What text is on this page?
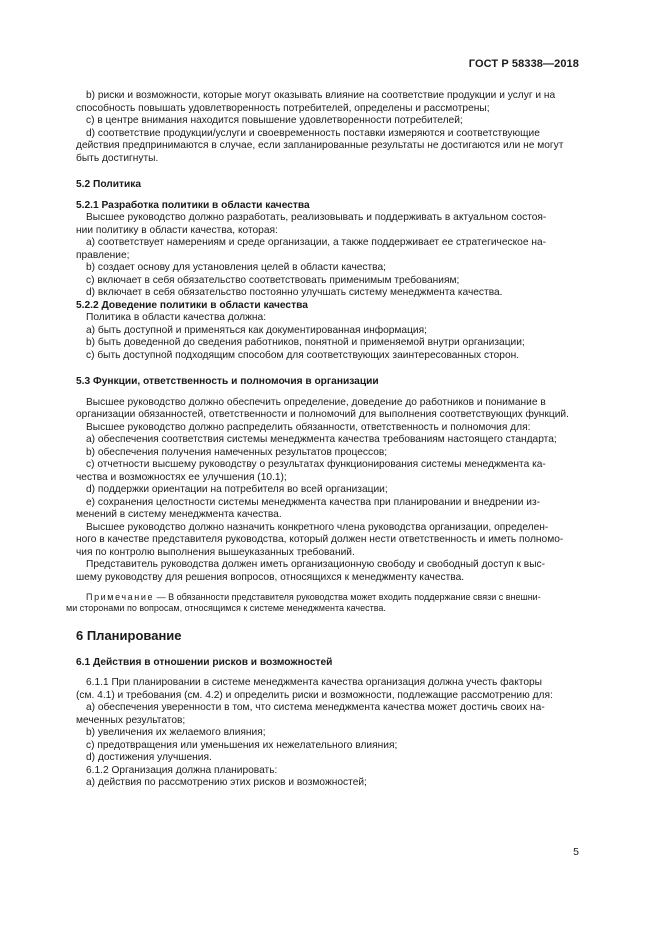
ГОСТ Р 58338—2018
b) риски и возможности, которые могут оказывать влияние на соответствие продукции и услуг и на
способность повышать удовлетворенность потребителей, определены и рассмотрены;
c) в центре внимания находится повышение удовлетворенности потребителей;
d) соответствие продукции/услуги и своевременность поставки измеряются и соответствующие
действия предпринимаются в случае, если запланированные результаты не достигаются или не могут
быть достигнуты.
5.2 Политика
5.2.1 Разработка политики в области качества
Высшее руководство должно разработать, реализовывать и поддерживать в актуальном состоя-
нии политику в области качества, которая:
a) соответствует намерениям и среде организации, а также поддерживает ее стратегическое на-
правление;
b) создает основу для установления целей в области качества;
c) включает в себя обязательство соответствовать применимым требованиям;
d) включает в себя обязательство постоянно улучшать систему менеджмента качества.
5.2.2 Доведение политики в области качества
Политика в области качества должна:
a) быть доступной и применяться как документированная информация;
b) быть доведенной до сведения работников, понятной и применяемой внутри организации;
c) быть доступной подходящим способом для соответствующих заинтересованных сторон.
5.3 Функции, ответственность и полномочия в организации
Высшее руководство должно обеспечить определение, доведение до работников и понимание в
организации обязанностей, ответственности и полномочий для выполнения соответствующих функций.
Высшее руководство должно распределить обязанности, ответственность и полномочия для:
a) обеспечения соответствия системы менеджмента качества требованиям настоящего стандарта;
b) обеспечения получения намеченных результатов процессов;
c) отчетности высшему руководству о результатах функционирования системы менеджмента ка-
чества и возможностях ее улучшения (10.1);
d) поддержки ориентации на потребителя во всей организации;
e) сохранения целостности системы менеджмента качества при планировании и внедрении из-
менений в систему менеджмента качества.
Высшее руководство должно назначить конкретного члена руководства организации, определен-
ного в качестве представителя руководства, который должен нести ответственность и иметь полномо-
чия по контролю выполнения вышеуказанных требований.
Представитель руководства должен иметь организационную свободу и свободный доступ к выс-
шему руководству для решения вопросов, относящихся к менеджменту качества.
Примечание — В обязанности представителя руководства может входить поддержание связи с внешни-
ми сторонами по вопросам, относящимся к системе менеджмента качества.
6 Планирование
6.1 Действия в отношении рисков и возможностей
6.1.1 При планировании в системе менеджмента качества организация должна учесть факторы
(см. 4.1) и требования (см. 4.2) и определить риски и возможности, подлежащие рассмотрению для:
a) обеспечения уверенности в том, что система менеджмента качества может достичь своих на-
меченных результатов;
b) увеличения их желаемого влияния;
c) предотвращения или уменьшения их нежелательного влияния;
d) достижения улучшения.
6.1.2 Организация должна планировать:
a) действия по рассмотрению этих рисков и возможностей;
5
